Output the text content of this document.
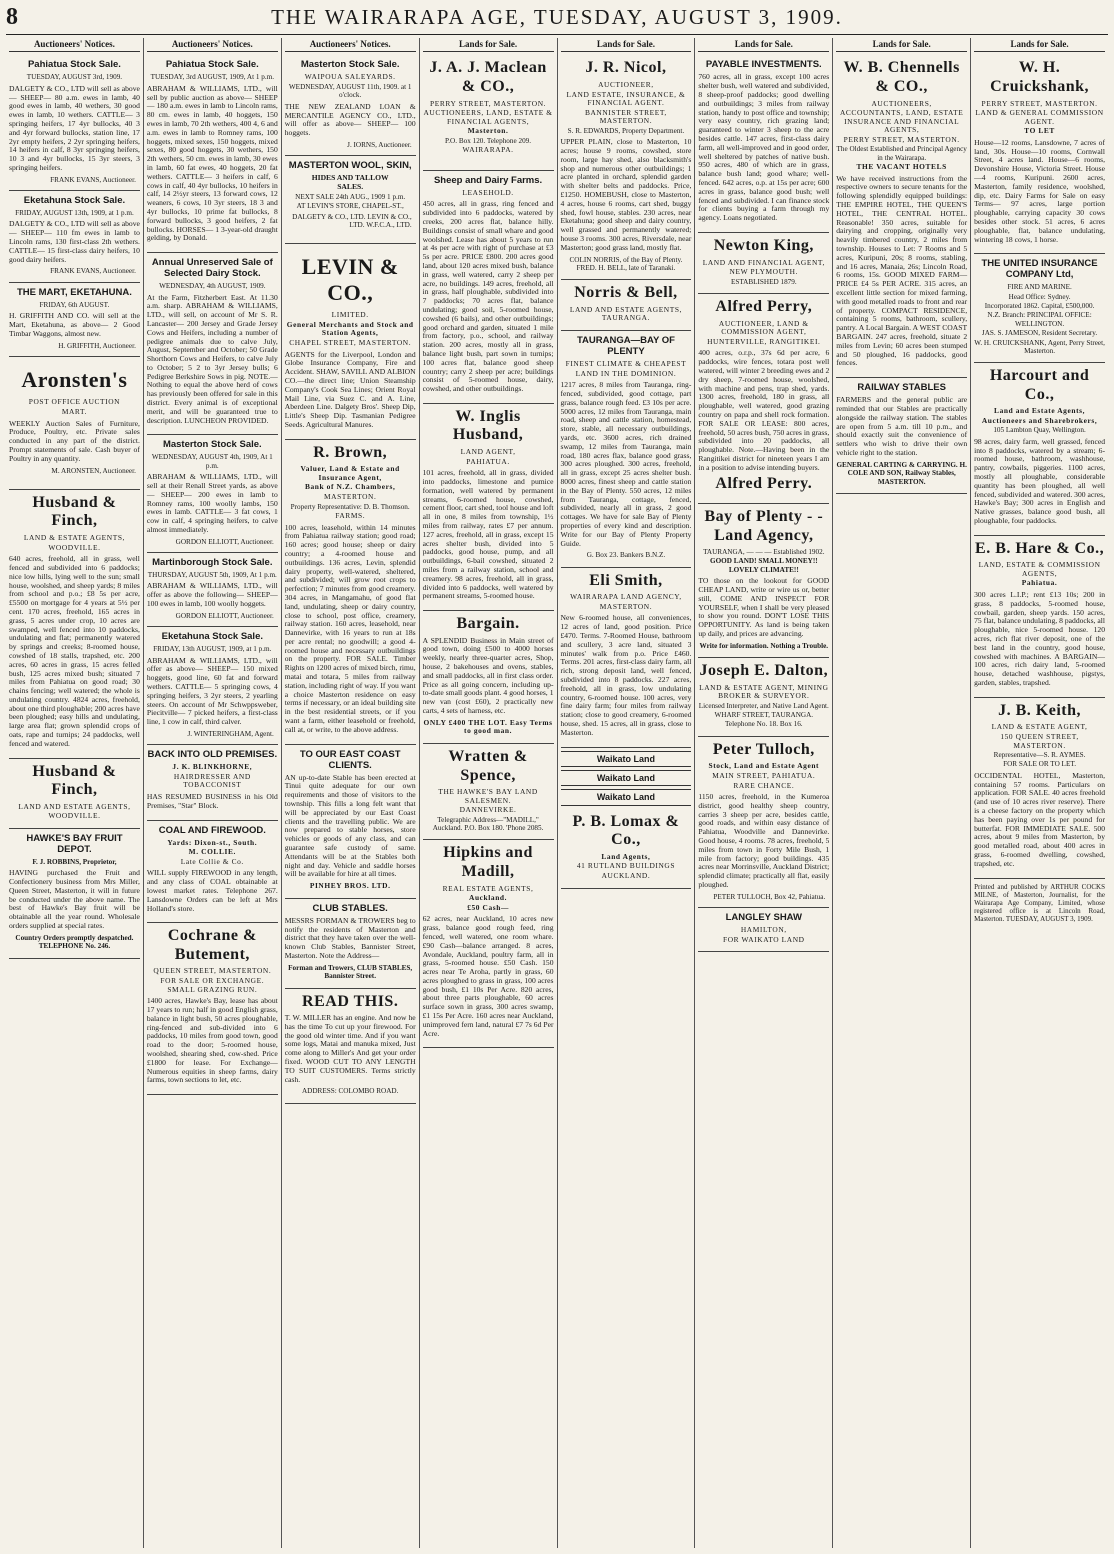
8	THE WAIRARAPA AGE, TUESDAY, AUGUST 3, 1909.
Auctioneers' Notices.
Pahiatua Stock Sale.
TUESDAY, AUGUST 3rd, 1909.

DALGETY & CO., LTD will sell as above— SHEEP— 80 a.m. ewes in lamb, 40 good ewes in lamb, 40 wethers, 30 good ewes in lamb, 10 wethers. CATTLE— 3 springing heifers, 17 4yr bullocks, 40 3 and 4yr forward bullocks, station line, 17 2yr empty heifers, 2 2yr springing heifers, 14 heifers in calf, 8 3yr springing heifers, 10 3 and 4yr bullocks, 15 3yr steers, 3 springing heifers.

FRANK EVANS, Auctioneer.
Eketahuna Stock Sale.
FRIDAY, AUGUST 13th, 1909, at 1 p.m.

DALGETY & CO., LTD will sell as above— SHEEP— 110 fm ewes in lamb to Lincoln rams, 130 first-class 2th wethers. CATTLE— 15 first-class dairy heifers, 10 good dairy heifers.

FRANK EVANS, Auctioneer.
THE MART, EKETAHUNA.
FRIDAY, 6th AUGUST.

H. GRIFFITH AND CO. will sell at the Mart, Eketahuna, as above— 2 Good Timbar Waggons, almost new.

H. GRIFFITH, Auctioneer.
Aronsten's
POST OFFICE AUCTION
MART.

WEEKLY Auction Sales of Furniture, Produce, Poultry, etc. Private sales conducted in any part of the district. Prompt statements of sale. Cash buyer of Poultry in any quantity.

M. ARONSTEN, Auctioneer.
Husband & Finch,
LAND & ESTATE AGENTS,
WOODVILLE.

640 acres, freehold, all in grass, well fenced and subdivided into 6 paddocks; nice low hills, lying well to the sun; small house, woolshed, and sheep yards; 8 miles from school and p.o.; £8 5s per acre, £5500 on mortgage for 4 years at 5½ per cent. 170 acres, freehold, 165 acres in grass, 5 acres under crop, 10 acres are swamped, well fenced into 10 paddocks, undulating and flat; permanently watered by springs and creeks; 8-roomed house, cowshed of 18 stalls, trapshed, etc. 200 acres, 60 acres in grass, 15 acres felled bush, 125 acres mixed bush; situated 7 miles from Pahiatua on good road; 30 chains fencing; well watered; the whole is undulating country. 4824 acres, freehold, about one third ploughable; 200 acres have been ploughed; easy hills and undulating, large area flat; grown splendid crops of oats, rape and turnips; 24 paddocks, well fenced and watered.

Husband & Finch,
LAND AND ESTATE AGENTS,
WOODVILLE.
HAWKE'S BAY FRUIT DEPOT.
F. J. ROBBINS, Proprietor,

HAVING purchased the Fruit and Confectionery business from Mrs Miller, Queen Street, Masterton, it will in future be conducted under the above name. The best of Hawke's Bay fruit will be obtainable all the year round. Wholesale orders supplied at special rates.

Country Orders promptly despatched. TELEPHONE No. 246.
Auctioneers' Notices.
Pahiatua Stock Sale.
TUESDAY, 3rd AUGUST, 1909, At 1 p.m.

ABRAHAM & WILLIAMS, LTD., will sell by public auction as above— SHEEP— 180 a.m. ewes in lamb to Lincoln rams, 80 cm. ewes in lamb, 40 hoggets, 150 ewes in lamb, 70 2th wethers, 400 4, 6 and a.m. ewes in lamb to Romney rams, 100 hoggets, mixed sexes, 150 hoggets, mixed sexes, 80 good hoggets, 30 wethers, 150 2th wethers, 50 cm. ewes in lamb, 30 ewes in lamb, 60 fat ewes, 40 hoggets, 20 fat wethers. CATTLE— 3 heifers in calf, 6 cows in calf, 40 4yr bullocks, 10 heifers in calf, 14 2½yr steers, 13 forward cows, 12 weaners, 6 cows, 10 3yr steers, 18 3 and 4yr bullocks, 10 prime fat bullocks, 8 forward bullocks, 3 good heifers, 2 fat bullocks. HORSES— 1 3-year-old draught gelding, by Donald.

Annual Unreserved Sale of Selected Dairy Stock.
WEDNESDAY, 4th AUGUST, 1909.

At the Farm, Fitzherbert East. At 11.30 a.m. sharp. ABRAHAM & WILLIAMS, LTD., will sell, on account of Mr S. R. Lancaster— 200 Jersey and Grade Jersey Cows and Heifers, including a number of pedigree animals due to calve July, August, September and October; 50 Grade Shorthorn Cows and Heifers, to calve July to October; 5 2 to 3yr Jersey bulls; 6 Pedigree Berkshire Sows in pig. NOTE.—Nothing to equal the above herd of cows has previously been offered for sale in this district. Every animal is of exceptional merit, and will be guaranteed true to description. LUNCHEON PROVIDED.

Masterton Stock Sale.
WEDNESDAY, AUGUST 4th, 1909, At 1 p.m.

ABRAHAM & WILLIAMS, LTD., will sell at their Renall Street yards, as above— SHEEP— 200 ewes in lamb to Romney rams, 100 woolly lambs, 150 ewes in lamb. CATTLE— 3 fat cows, 1 cow in calf, 4 springing heifers, to calve almost immediately.

GORDON ELLIOTT, Auctioneer.
Martinborough Stock Sale.
THURSDAY, AUGUST 5th, 1909, At 1 p.m.

ABRAHAM & WILLIAMS, LTD., will offer as above the following— SHEEP— 100 ewes in lamb, 100 woolly hoggets.

GORDON ELLIOTT, Auctioneer.
Eketahuna Stock Sale.
FRIDAY, 13th AUGUST, 1909, at 1 p.m.

ABRAHAM & WILLIAMS, LTD., will offer as above— SHEEP— 150 mixed hoggets, good line, 60 fat and forward wethers. CATTLE— 5 springing cows, 4 springing heifers, 3 2yr steers, 2 yearling steers. On account of Mr Schwppsweber, Piecitville— 7 picked heifers, a first-class line, 1 cow in calf, third calver.

J. WINTERINGHAM, Agent.
BACK INTO OLD PREMISES.
J. K. BLINKHORNE,
HAIRDRESSER AND TOBACCONIST

HAS RESUMED BUSINESS in his Old Premises, "Star" Block.

COAL AND FIREWOOD.
Yards: Dixon-st., South.
M. COLLIE.
Late Collie & Co.

WILL supply FIREWOOD in any length, and any class of COAL obtainable at lowest market rates. Telephone 267. Lansdowne Orders can be left at Mrs Holland's store.

Cochrane & Butement,
QUEEN STREET, MASTERTON.
FOR SALE OR EXCHANGE. SMALL GRAZING RUN.

1400 acres, Hawke's Bay, lease has about 17 years to run; half in good English grass, balance in light bush, 50 acres ploughable, ring-fenced and sub-divided into 6 paddocks, 10 miles from good town, good road to the door; 5-roomed house, woolshed, shearing shed, cow-shed. Price £1800 for lease. For Exchange—Numerous equities in sheep farms, dairy farms, town sections to let, etc.

Auctioneers' Notices.
Masterton Stock Sale.
WAIPOUA SALEYARDS.
WEDNESDAY, AUGUST 11th, 1909. at 1 o'clock.

THE NEW ZEALAND LOAN & MERCANTILE AGENCY CO., LTD., will offer as above— SHEEP— 100 hoggets.

J. IORNS, Auctioneer.
MASTERTON WOOL, SKIN,
HIDES AND TALLOW
SALES.
NEXT SALE 24th AUG., 1909 1 p.m.
AT LEVIN'S STORE, CHAPEL-ST.,
DALGETY & CO., LTD. LEVIN & CO., LTD. W.F.C.A., LTD.
LEVIN & CO.,
LIMITED.
General Merchants and Stock and Station Agents,
CHAPEL STREET, MASTERTON.

AGENTS for the Liverpool, London and Globe Insurance Company, Fire and Accident. SHAW, SAVILL AND ALBION CO.—the direct line; Union Steamship Company's Cook Sea Lines; Orient Royal Mail Line, via Suez C. and A. Line, Aberdeen Line. Dalgety Bros'. Sheep Dip, Little's Sheep Dip. Tasmanian Pedigree Seeds. Agricultural Manures.

R. Brown,
Valuer, Land & Estate and Insurance Agent,
Bank of N.Z. Chambers,
MASTERTON.
Property Representative: D. B. Thomson.
FARMS.

100 acres, leasehold, within 14 minutes from Pahiatua railway station; good road; 160 acres; good house; sheep or dairy country; a 4-roomed house and outbuildings. 136 acres, Levin, splendid dairy property, well-watered, sheltered, and subdivided; will grow root crops to perfection; 7 minutes from good creamery. 304 acres, in Mangamahu, of good flat land, undulating, sheep or dairy country, close to school, post office, creamery, railway station. 160 acres, leasehold, near Dannevirke, with 16 years to run at 18s per acre rental; no goodwill; a good 4-roomed house and necessary outbuildings on the property. FOR SALE. Timber Rights on 1200 acres of mixed birch, rimu, matai and totara, 5 miles from railway station, including right of way. If you want a choice Masterton residence on easy terms if necessary, or an ideal building site in the best residential streets, or if you want a farm, either leasehold or freehold, call at, or write, to the above address.

TO OUR EAST COAST CLIENTS.

AN up-to-date Stable has been erected at Tinui quite adequate for our own requirements and those of visitors to the township. This fills a long felt want that will be appreciated by our East Coast clients and the travelling public. We are now prepared to stable horses, store vehicles or goods of any class, and can guarantee safe custody of same. Attendants will be at the Stables both night and day. Vehicle and saddle horses will be available for hire at all times.

PINHEY BROS. LTD.
CLUB STABLES.

MESSRS FORMAN & TROWERS beg to notify the residents of Masterton and district that they have taken over the well-known Club Stables, Bannister Street, Masterton. Note the Address—

Forman and Trowers, CLUB STABLES, Bannister Street.
READ THIS.

T. W. MILLER has an engine. And now he has the time To cut up your firewood. For the good old winter time. And if you want some logs, Matai and manuka mixed, Just come along to Miller's And get your order fixed. WOOD CUT TO ANY LENGTH TO SUIT CUSTOMERS. Terms strictly cash.

ADDRESS: COLOMBO ROAD.
Lands for Sale.
J. A. J. Maclean & CO.,
PERRY STREET, MASTERTON.
AUCTIONEERS, LAND, ESTATE & FINANCIAL AGENTS,
Masterton.
P.O. Box 120. Telephone 209.
WAIRARAPA.
Sheep and Dairy Farms.
LEASEHOLD.

450 acres, all in grass, ring fenced and subdivided into 6 paddocks, watered by creeks, 200 acres flat, balance hilly. Buildings consist of small whare and good woolshed. Lease has about 5 years to run at 4s per acre with right of purchase at £3 5s per acre. PRICE £800. 200 acres good land, about 120 acres mixed bush, balance in grass, well watered, carry 2 sheep per acre, no buildings. 149 acres, freehold, all in grass, half ploughable, subdivided into 7 paddocks; 70 acres flat, balance undulating; good soil, 5-roomed house, cowshed (6 bails), and other outbuildings; good orchard and garden, situated 1 mile from factory, p.o., school, and railway station. 200 acres, mostly all in grass, balance light bush, part sown in turnips; 100 acres flat, balance good sheep country; carry 2 sheep per acre; buildings consist of 5-roomed house, dairy, cowshed, and other outbuildings.

W. Inglis Husband,
LAND AGENT,
PAHIATUA.

101 acres, freehold, all in grass, divided into paddocks, limestone and pumice formation, well watered by permanent streams, 6-roomed house, cowshed, cement floor, cart shed, tool house and loft all in one, 8 miles from township, 1½ miles from railway, rates £7 per annum. 127 acres, freehold, all in grass, except 15 acres shelter bush, divided into 5 paddocks, good house, pump, and all outbuildings, 6-bail cowshed, situated 2 miles from a railway station, school and creamery. 98 acres, freehold, all in grass, divided into 6 paddocks, well watered by permanent streams, 5-roomed house.

Bargain.

A SPLENDID Business in Main street of good town, doing £500 to 4000 horses weekly, nearly three-quarter acres, Shop, house, 2 bakehouses and ovens, stables, and small paddocks, all in first class order. Price as all going concern, including up-to-date small goods plant. 4 good horses, 1 new van (cost £60), 2 practically new carts, 4 sets of harness, etc.

ONLY £400 THE LOT. Easy Terms to good man.
Wratten & Spence,
THE HAWKE'S BAY LAND SALESMEN.
DANNEVIRKE.
Telegraphic Address—"MADILL," Auckland. P.O. Box 180. 'Phone 2085.
Hipkins and Madill,
REAL ESTATE AGENTS,
Auckland.
£50 Cash—

62 acres, near Auckland, 10 acres new grass, balance good rough feed, ring fenced, well watered, one room whare. £90 Cash—balance arranged. 8 acres, Avondale, Auckland, poultry farm, all in grass, 5-roomed house. £50 Cash. 150 acres near Te Aroha, partly in grass, 60 acres ploughed to grass in grass, 100 acres good bush, £1 10s Per Acre. 820 acres, about three parts ploughable, 60 acres surface sown in grass, 300 acres swamp, £1 15s Per Acre. 160 acres near Auckland, unimproved fern land, natural £7 7s 6d Per Acre.

Lands for Sale.
J. R. Nicol,
AUCTIONEER,
LAND ESTATE, INSURANCE, & FINANCIAL AGENT.
BANNISTER STREET, MASTERTON.
S. R. EDWARDS, Property Department.

UPPER PLAIN, close to Masterton, 10 acres; house 9 rooms, cowshed, store room, large hay shed, also blacksmith's shop and numerous other outbuildings; 1 acre planted in orchard, splendid garden with shelter belts and paddocks. Price, £1250. HOMEBUSH, close to Masterton, 4 acres, house 6 rooms, cart shed, buggy shed, fowl house, stables. 230 acres, near Eketahuna; good sheep and dairy country, well grassed and permanently watered; house 3 rooms. 300 acres, Riversdale, near Masterton; good grass land, mostly flat.

COLIN NORRIS, of the Bay of Plenty. FRED. H. BELL, late of Taranaki.
Norris & Bell,
LAND AND ESTATE AGENTS, TAURANGA.
TAURANGA—BAY OF PLENTY
FINEST CLIMATE & CHEAPEST
LAND IN THE DOMINION.

1217 acres, 8 miles from Tauranga, ring-fenced, subdivided, good cottage, part grass, balance rough feed. £3 10s per acre. 5000 acres, 12 miles from Tauranga, main road, sheep and cattle station, homestead, store, stable, all necessary outbuildings, yards, etc. 3600 acres, rich drained swamp, 12 miles from Tauranga, main road, 180 acres flax, balance good grass, 300 acres ploughed. 300 acres, freehold, all in grass, except 25 acres shelter bush. 8000 acres, finest sheep and cattle station in the Bay of Plenty. 550 acres, 12 miles from Tauranga, cottage, fenced, subdivided, nearly all in grass, 2 good cottages. We have for sale Bay of Plenty properties of every kind and description. Write for our Bay of Plenty Property Guide.

G. Box 23. Bankers B.N.Z.
Eli Smith,
WAIRARAPA LAND AGENCY,
MASTERTON.

New 6-roomed house, all conveniences, 12 acres of land, good position. Price £470. Terms. 7-Roomed House, bathroom and scullery, 3 acre land, situated 3 minutes' walk from p.o. Price £460. Terms. 201 acres, first-class dairy farm, all rich, strong deposit land, well fenced, subdivided into 8 paddocks. 227 acres, freehold, all in grass, low undulating country, 6-roomed house. 100 acres, very fine dairy farm; four miles from railway station; close to good creamery, 6-roomed house, shed. 15 acres, all in grass, close to Masterton.

Waikato Land
Waikato Land
Waikato Land
P. B. Lomax & Co.,
Land Agents,
41 RUTLAND BUILDINGS
AUCKLAND.
Lands for Sale.
PAYABLE INVESTMENTS.

760 acres, all in grass, except 100 acres shelter bush, well watered and subdivided, 8 sheep-proof paddocks; good dwelling and outbuildings; 3 miles from railway station, handy to post office and township; very easy country, rich grazing land; guaranteed to winter 3 sheep to the acre besides cattle. 147 acres, first-class dairy farm, all well-improved and in good order, well sheltered by patches of native bush. 950 acres, 480 of which are in grass, balance bush land; good whare; well-fenced. 642 acres, o.p. at 15s per acre; 600 acres in grass, balance good bush; well fenced and subdivided. I can finance stock for clients buying a farm through my agency. Loans negotiated.

Newton King,
LAND AND FINANCIAL AGENT,
NEW PLYMOUTH.
ESTABLISHED 1879.
Alfred Perry,
AUCTIONEER, LAND & COMMISSION AGENT,
HUNTERVILLE, RANGITIKEI.

400 acres, o.r.p., 37s 6d per acre, 6 paddocks, wire fences, totara post well watered, will winter 2 breeding ewes and 2 dry sheep, 7-roomed house, woolshed, with machine and pens, trap shed, yards. 1300 acres, freehold, 180 in grass, all ploughable, well watered, good grazing country on papa and shell rock formation. FOR SALE OR LEASE: 800 acres, freehold, 50 acres bush, 750 acres in grass, subdivided into 20 paddocks, all ploughable. Note.—Having been in the Rangitikei district for nineteen years I am in a position to advise intending buyers.

Alfred Perry.
Bay of Plenty - - Land Agency,
TAURANGA, — — — Established 1902.
GOOD LAND! SMALL MONEY!! LOVELY CLIMATE!!

TO those on the lookout for GOOD CHEAP LAND, write or wire us or, better still, COME AND INSPECT FOR YOURSELF, when I shall be very pleased to show you round. DON'T LOSE THIS OPPORTUNITY. As land is being taken up daily, and prices are advancing.

Write for information. Nothing a Trouble.
Joseph E. Dalton,
LAND & ESTATE AGENT, MINING BROKER & SURVEYOR.
Licensed Interpreter, and Native Land Agent.
WHARF STREET, TAURANGA.
Telephone No. 18. Box 16.
Peter Tulloch,
Stock, Land and Estate Agent
MAIN STREET, PAHIATUA.
RARE CHANCE.

1150 acres, freehold, in the Kumeroa district, good healthy sheep country, carries 3 sheep per acre, besides cattle, good roads, and within easy distance of Pahiatua, Woodville and Dannevirke. Good house, 4 rooms. 78 acres, freehold, 5 miles from town in Forty Mile Bush, 1 mile from factory; good buildings. 435 acres near Morrinsville, Auckland District; splendid climate; practically all flat, easily ploughed.

PETER TULLOCH, Box 42, Pahiatua.
LANGLEY SHAW
HAMILTON,
FOR WAIKATO LAND
Lands for Sale.
W. B. Chennells & CO.,
AUCTIONEERS,
ACCOUNTANTS, LAND, ESTATE INSURANCE AND FINANCIAL AGENTS,
PERRY STREET, MASTERTON.
The Oldest Established and Principal Agency in the Wairarapa.
THE VACANT HOTELS

We have received instructions from the respective owners to secure tenants for the following splendidly equipped buildings: THE EMPIRE HOTEL, THE QUEEN'S HOTEL, THE CENTRAL HOTEL. Reasonable! 350 acres, suitable for dairying and cropping, originally very heavily timbered country, 2 miles from township. Houses to Let: 7 Rooms and 5 acres, Kuripuni, 20s; 8 rooms, stabling, and 16 acres, Manaia, 26s; Lincoln Road, 6 rooms, 15s. GOOD MIXED FARM—PRICE £4 5s PER ACRE. 315 acres, an excellent little section for mixed farming, with good metalled roads to front and rear of property. COMPACT RESIDENCE, containing 5 rooms, bathroom, scullery, pantry. A Local Bargain. A WEST COAST BARGAIN. 247 acres, freehold, situate 2 miles from Levin; 60 acres been stumped and 50 ploughed, 16 paddocks, good fences.

RAILWAY STABLES

FARMERS and the general public are reminded that our Stables are practically alongside the railway station. The stables are open from 5 a.m. till 10 p.m., and should exactly suit the convenience of settlers who wish to drive their own vehicle right to the station.

GENERAL CARTING & CARRYING. H. COLE AND SON, Railway Stables, MASTERTON.
Lands for Sale.
W. H. Cruickshank,
PERRY STREET, MASTERTON.
LAND & GENERAL COMMISSION AGENT.
TO LET

House—12 rooms, Lansdowne, 7 acres of land, 30s. House—10 rooms, Cornwall Street, 4 acres land. House—6 rooms, Devonshire House, Victoria Street. House—4 rooms, Kuripuni. 2600 acres, Masterton, family residence, woolshed, dip, etc. Dairy Farms for Sale on easy Terms— 97 acres, large portion ploughable, carrying capacity 30 cows besides other stock. 51 acres, 6 acres ploughable, flat, balance undulating, wintering 18 cows, 1 horse.

THE UNITED INSURANCE COMPANY Ltd,
FIRE AND MARINE.
Head Office: Sydney.
Incorporated 1862. Capital, £500,000.
N.Z. Branch: PRINCIPAL OFFICE: WELLINGTON.
JAS. S. JAMESON, Resident Secretary.
W. H. CRUICKSHANK, Agent, Perry Street, Masterton.
Harcourt and Co.,
Land and Estate Agents,
Auctioneers and Sharebrokers,
105 Lambton Quay, Wellington.

98 acres, dairy farm, well grassed, fenced into 8 paddocks, watered by a stream; 6-roomed house, bathroom, washhouse, pantry, cowbails, piggeries. 1100 acres, mostly all ploughable, considerable quantity has been ploughed, all well fenced, subdivided and watered. 300 acres, Hawke's Bay; 300 acres in English and Native grasses, balance good bush, all ploughable, four paddocks.

E. B. Hare & Co.,
LAND, ESTATE & COMMISSION AGENTS,
Pahiatua.

300 acres L.I.P.; rent £13 10s; 200 in grass, 8 paddocks, 5-roomed house, cowbail, garden, sheep yards. 150 acres, 75 flat, balance undulating, 8 paddocks, all ploughable, nice 5-roomed house. 120 acres, rich flat river deposit, one of the best land in the country, good house, cowshed with machines. A BARGAIN— 100 acres, rich dairy land, 5-roomed house, detached washhouse, pigstys, garden, stables, trapshed.

J. B. Keith,
LAND & ESTATE AGENT,
150 QUEEN STREET, MASTERTON.
Representative—S. R. AYMES.
FOR SALE OR TO LET.

OCCIDENTAL HOTEL, Masterton, containing 57 rooms. Particulars on application. FOR SALE. 40 acres freehold (and use of 10 acres river reserve). There is a cheese factory on the property which has been paying over 1s per pound for butterfat. FOR IMMEDIATE SALE. 500 acres, about 9 miles from Masterton, by good metalled road, about 400 acres in grass, 6-roomed dwelling, cowshed, trapshed, etc.

Printed and published by ARTHUR COCKS MILNE, of Masterton, Journalist, for the Wairarapa Age Company, Limited, whose registered office is at Lincoln Road, Masterton. TUESDAY, AUGUST 3, 1909.
